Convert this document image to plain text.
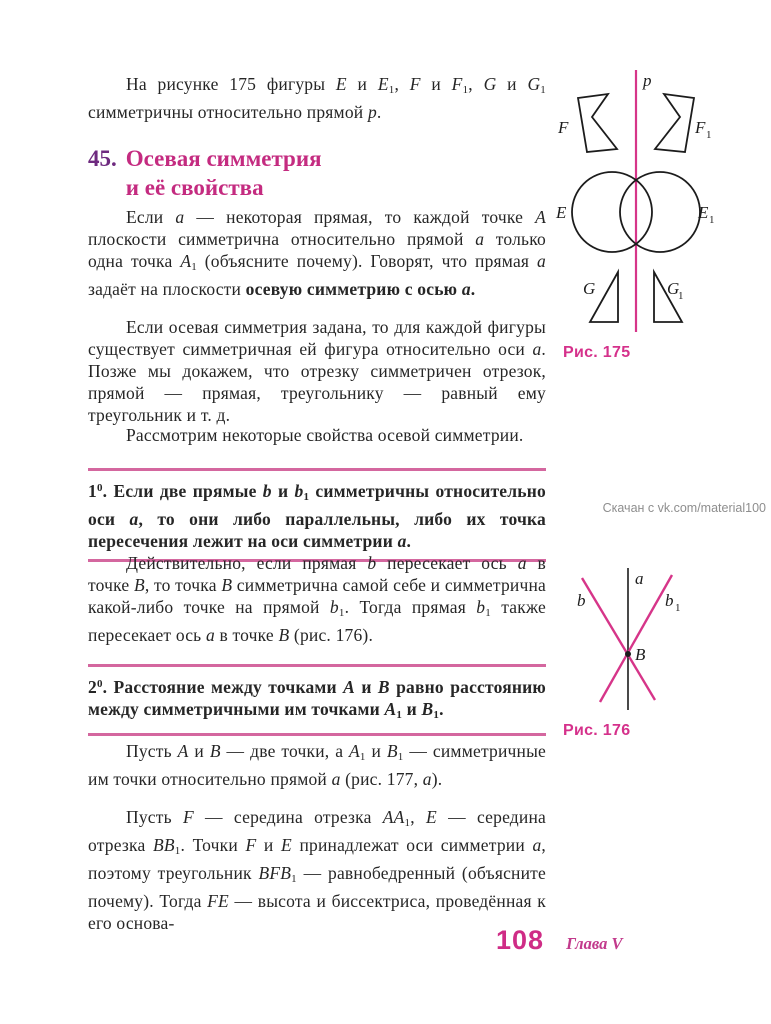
На рисунке 175 фигуры E и $E_1$, F и $F_1$, G и $G_1$ симметричны относительно прямой p.

45. Осевая симметрия
и её свойства

Если a — некоторая прямая, то каждой точке A плоскости симметрична относительно прямой a только одна точка $A_1$ (объясните почему). Говорят, что прямая a задаёт на плоскости осевую симметрию с осью a.

Если осевая симметрия задана, то для каждой фигуры существует симметричная ей фигура относительно оси a. Позже мы докажем, что отрезку симметричен отрезок, прямой — прямая, треугольнику — равный ему треугольник и т. д.

Рассмотрим некоторые свойства осевой симметрии.

$1^0$. Если две прямые b и $b_1$ симметричны относительно оси a, то они либо параллельны, либо их точка пересечения лежит на оси симметрии a.

Действительно, если прямая b пересекает ось a в точке B, то точка B симметрична самой себе и симметрична какой-либо точке на прямой $b_1$. Тогда прямая $b_1$ также пересекает ось a в точке B (рис. 176).

$2^0$. Расстояние между точками A и B равно расстоянию между симметричными им точками $A_1$ и $B_1$.

Пусть A и B — две точки, а $A_1$ и $B_1$ — симметричные им точки относительно прямой a (рис. 177, а).

Пусть F — середина отрезка $AA_1$, E — середина отрезка $BB_1$. Точки F и E принадлежат оси симметрии a, поэтому треугольник $BFB_1$ — равнобедренный (объясните почему). Тогда FE — высота и биссектриса, проведённая к его основа-

p
F	F 1
E	E 1
G	G
1
Рис. 175
Скачан с vk.com/material100
a
b	b 1
B
Рис. 176
108 Глава V
